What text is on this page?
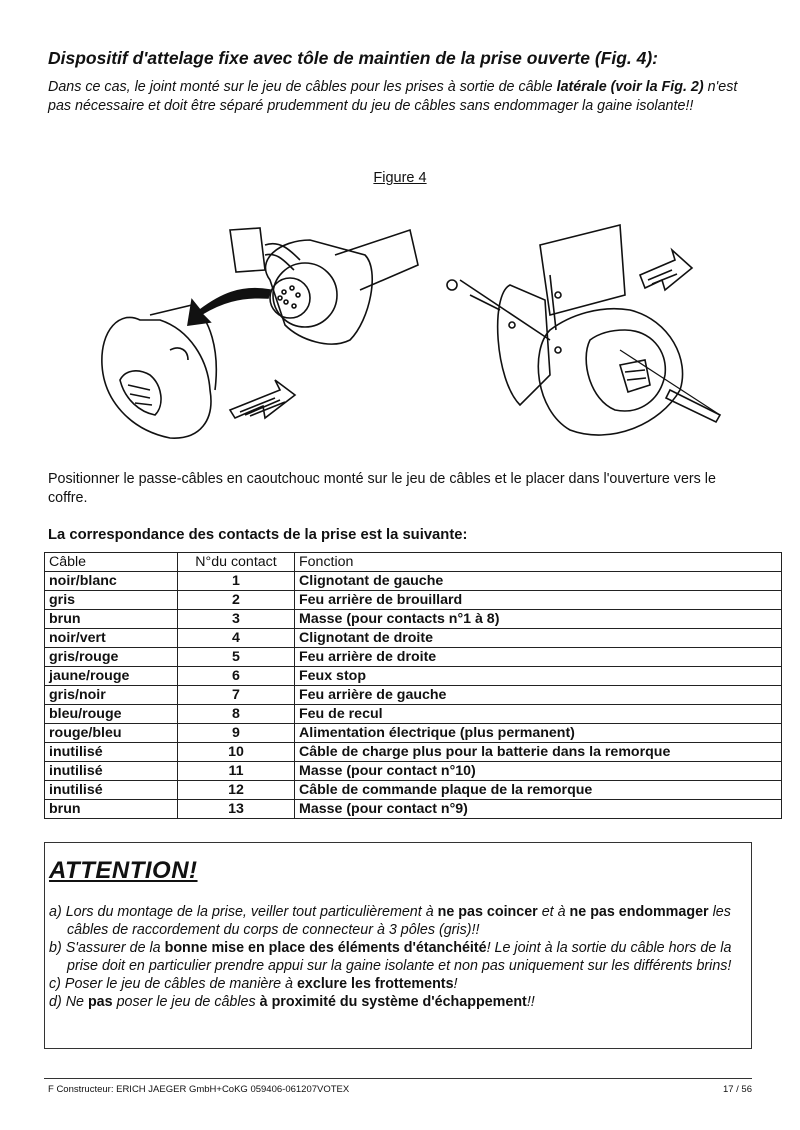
Dispositif d'attelage fixe avec tôle de maintien de la prise ouverte (Fig. 4):
Dans ce cas, le joint monté sur le jeu de câbles pour les prises à sortie de câble latérale (voir la Fig. 2) n'est pas nécessaire et doit être séparé prudemment du jeu de câbles sans endommager la gaine isolante!!
Figure 4
Positionner le passe-câbles en caoutchouc monté sur le jeu de câbles et le placer dans l'ouverture vers le coffre.
La correspondance des contacts de la prise est la suivante:
Câble	N°du contact	Fonction
noir/blanc	1	Clignotant de gauche
gris	2	Feu arrière de brouillard
brun	3	Masse (pour contacts n°1 à 8)
noir/vert	4	Clignotant de droite
gris/rouge	5	Feu arrière de droite
jaune/rouge	6	Feux stop
gris/noir	7	Feu arrière de gauche
bleu/rouge	8	Feu de recul
rouge/bleu	9	Alimentation électrique (plus permanent)
inutilisé	10	Câble de charge plus pour la batterie dans la remorque
inutilisé	11	Masse (pour contact n°10)
inutilisé	12	Câble de commande plaque de la remorque
brun	13	Masse (pour contact n°9)
ATTENTION!
a) Lors du montage de la prise, veiller tout particulièrement à ne pas coincer et à ne pas endommager les câbles de raccordement du corps de connecteur à 3 pôles (gris)!!
b) S'assurer de la bonne mise en place des éléments d'étanchéité! Le joint à la sortie du câble hors de la prise doit en particulier prendre appui sur la gaine isolante et non pas uniquement sur les différents brins!
c) Poser le jeu de câbles de manière à exclure les frottements!
d) Ne pas poser le jeu de câbles à proximité du système d'échappement!!
F Constructeur: ERICH JAEGER GmbH+CoKG 059406-061207VOTEX	17 / 56
